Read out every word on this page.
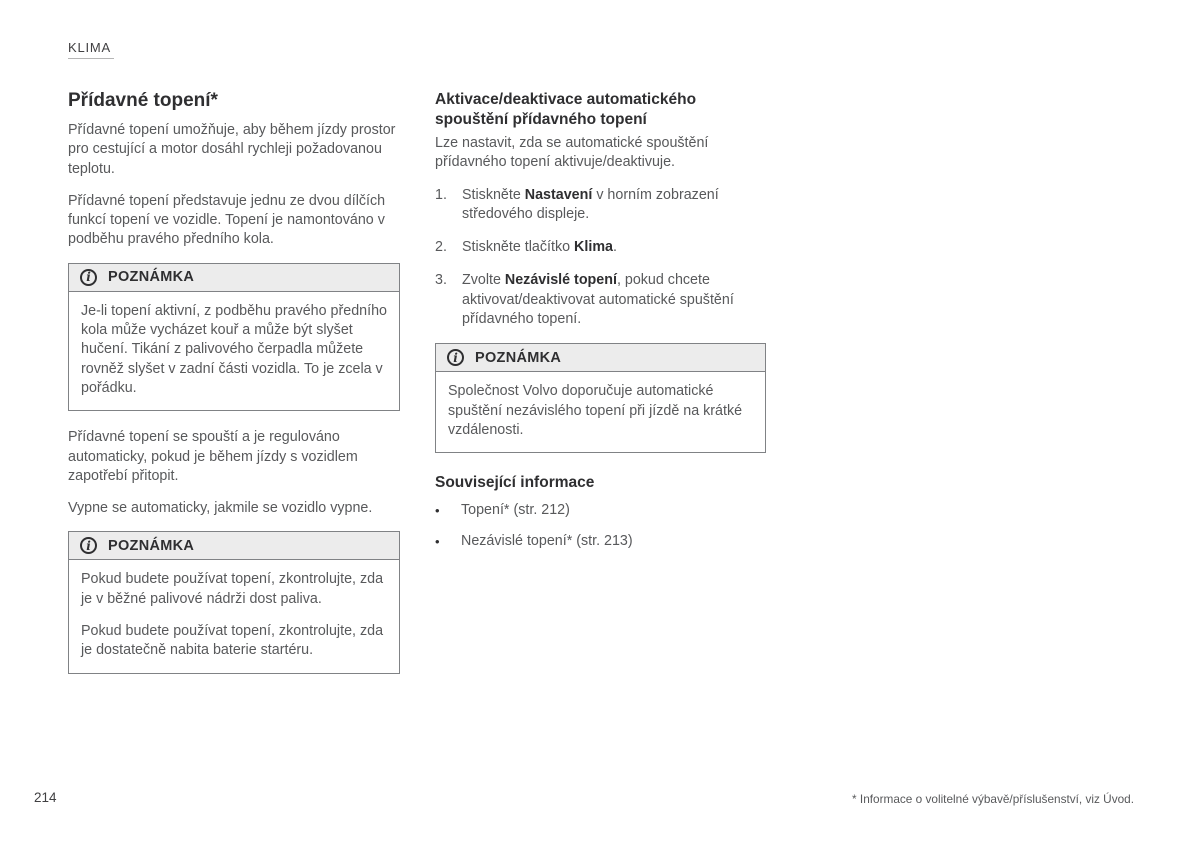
KLIMA
Přídavné topení*

Přídavné topení umožňuje, aby během jízdy prostor pro cestující a motor dosáhl rychleji požadovanou teplotu.

Přídavné topení představuje jednu ze dvou dílčích funkcí topení ve vozidle. Topení je namontováno v podběhu pravého předního kola.

i	POZNÁMKA

Je-li topení aktivní, z podběhu pravého předního kola může vycházet kouř a může být slyšet hučení. Tikání z palivového čerpadla můžete rovněž slyšet v zadní části vozidla. To je zcela v pořádku.

Přídavné topení se spouští a je regulováno automaticky, pokud je během jízdy s vozidlem zapotřebí přitopit.

Vypne se automaticky, jakmile se vozidlo vypne.

i	POZNÁMKA

Pokud budete používat topení, zkontrolujte, zda je v běžné palivové nádrži dost paliva.

Pokud budete používat topení, zkontrolujte, zda je dostatečně nabita baterie startéru.

Aktivace/deaktivace automatického spouštění přídavného topení

Lze nastavit, zda se automatické spouštění přídavného topení aktivuje/deaktivuje.

1.	Stiskněte Nastavení v horním zobrazení středového displeje.
2.	Stiskněte tlačítko Klima.
3.	Zvolte Nezávislé topení, pokud chcete aktivovat/deaktivovat automatické spuštění přídavného topení.
i	POZNÁMKA

Společnost Volvo doporučuje automatické spuštění nezávislého topení při jízdě na krátké vzdálenosti.

Související informace
•	Topení* (str. 212)
•	Nezávislé topení* (str. 213)
214	* Informace o volitelné výbavě/příslušenství, viz Úvod.
